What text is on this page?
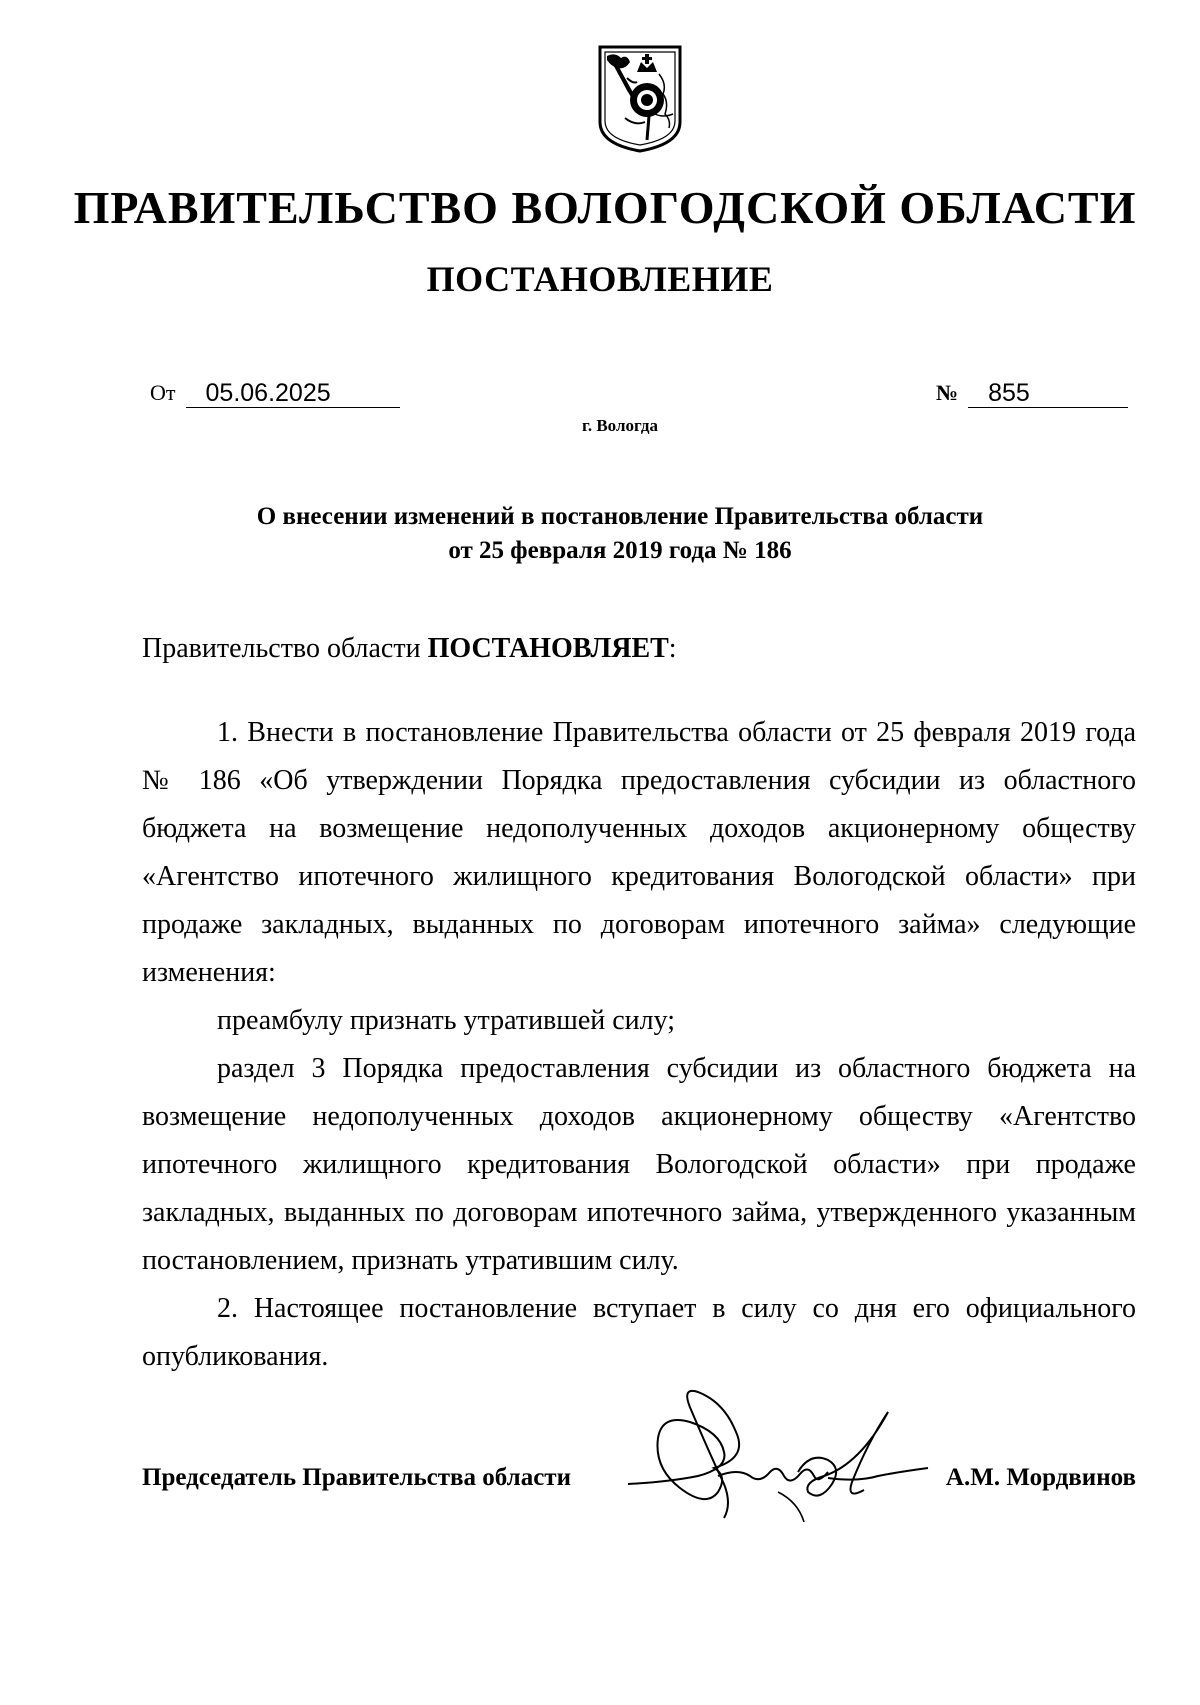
ПРАВИТЕЛЬСТВО ВОЛОГОДСКОЙ ОБЛАСТИ
ПОСТАНОВЛЕНИЕ
От	05.06.2025	№	855
г. Вологда
О внесении изменений в постановление Правительства области
от 25 февраля 2019 года № 186

Правительство области ПОСТАНОВЛЯЕТ:

1. Внести в постановление Правительства области от 25 февраля 2019 года № 186 «Об утверждении Порядка предоставления субсидии из областного бюджета на возмещение недополученных доходов акционерному обществу «Агентство ипотечного жилищного кредитования Вологодской области» при продаже закладных, выданных по договорам ипотечного займа» следующие изменения:

преамбулу признать утратившей силу;

раздел 3 Порядка предоставления субсидии из областного бюджета на возмещение недополученных доходов акционерному обществу «Агентство ипотечного жилищного кредитования Вологодской области» при продаже закладных, выданных по договорам ипотечного займа, утвержденного указанным постановлением, признать утратившим силу.

2. Настоящее постановление вступает в силу со дня его официального опубликования.

Председатель Правительства области	А.М. Мордвинов
